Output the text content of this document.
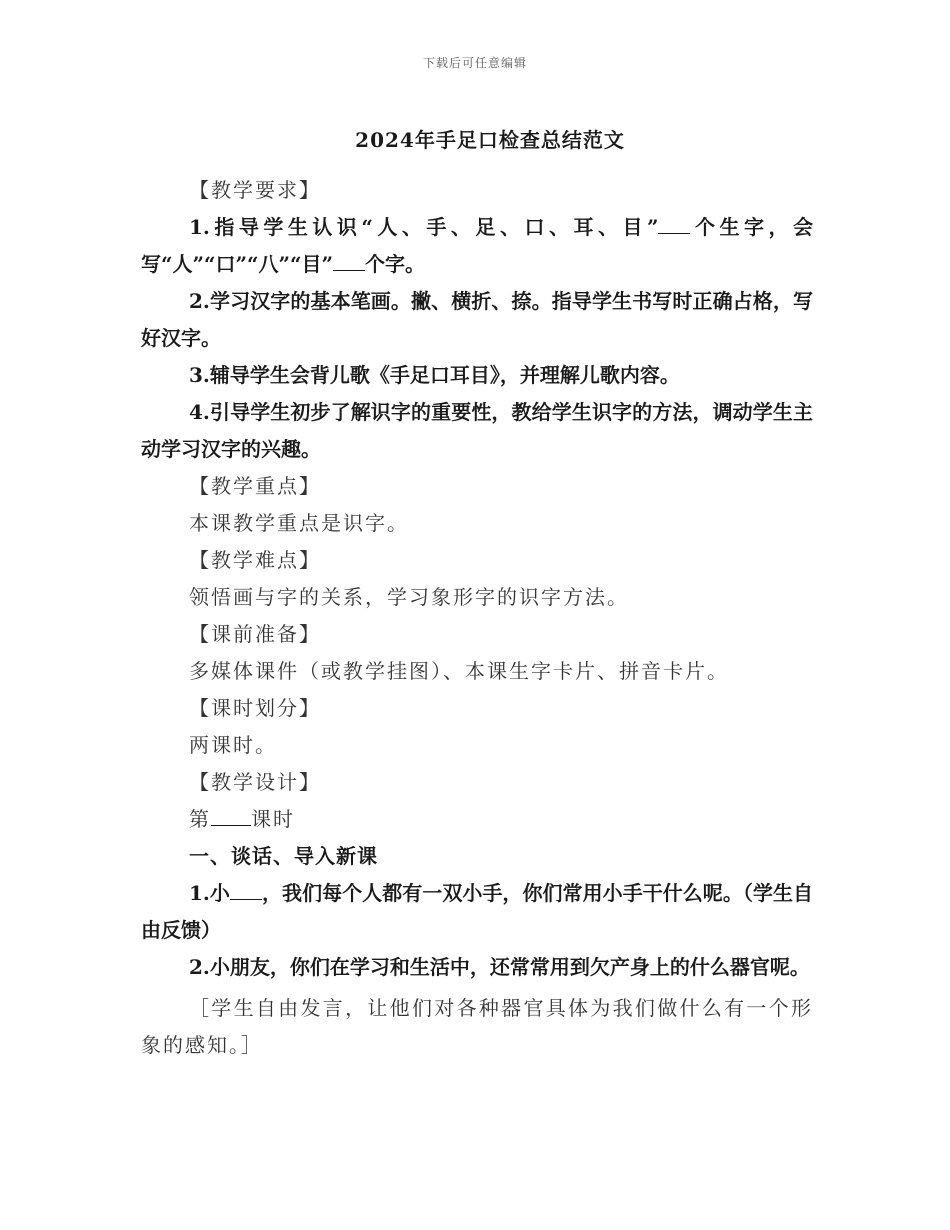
下载后可任意编辑
2024年手足口检查总结范文
【教学要求】

1.指导学生认识“人、手、足、口、耳、目” 个生字，会写“人”“口”“八”“目” 个字。

2.学习汉字的基本笔画。撇、横折、捺。指导学生书写时正确占格，写好汉字。

3.辅导学生会背儿歌《手足口耳目》，并理解儿歌内容。

4.引导学生初步了解识字的重要性，教给学生识字的方法，调动学生主动学习汉字的兴趣。

【教学重点】

本课教学重点是识字。

【教学难点】

领悟画与字的关系，学习象形字的识字方法。

【课前准备】

多媒体课件（或教学挂图）、本课生字卡片、拼音卡片。

【课时划分】

两课时。

【教学设计】

第 课时

一、谈话、导入新课

1.小 ，我们每个人都有一双小手，你们常用小手干什么呢。（学生自由反馈）

2.小朋友，你们在学习和生活中，还常常用到欠产身上的什么器官呢。

［学生自由发言，让他们对各种器官具体为我们做什么有一个形象的感知。］
